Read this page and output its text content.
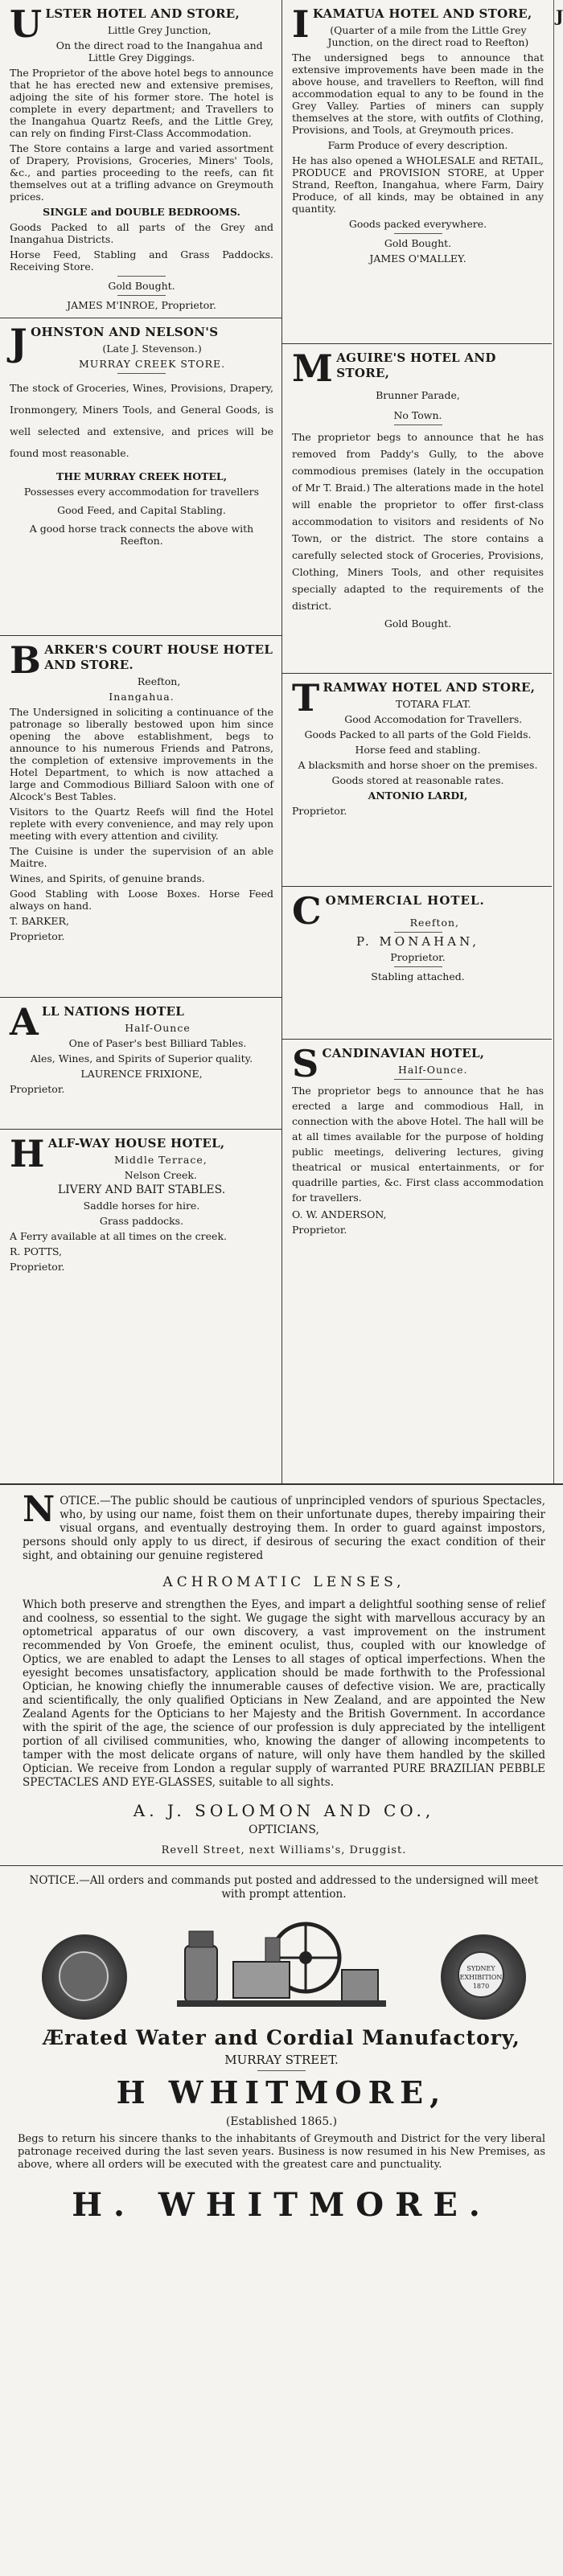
ULSTER HOTEL AND STORE,

Little Grey Junction,

On the direct road to the Inangahua and Little Grey Diggings.

The Proprietor of the above hotel begs to announce that he has erected new and extensive premises, adjoing the site of his former store. The hotel is complete in every department; and Travellers to the Inangahua Quartz Reefs, and the Little Grey, can rely on finding First-Class Accommodation.

The Store contains a large and varied assortment of Drapery, Provisions, Groceries, Miners' Tools, &c., and parties proceeding to the reefs, can fit themselves out at a trifling advance on Greymouth prices.

SINGLE and DOUBLE BEDROOMS.

Goods Packed to all parts of the Grey and Inangahua Districts.

Horse Feed, Stabling and Grass Paddocks. Receiving Store.

Gold Bought.

JAMES M'INROE, Proprietor.

JOHNSTON AND NELSON'S

(Late J. Stevenson.)

MURRAY CREEK STORE.

The stock of Groceries, Wines, Provisions, Drapery, Ironmongery, Miners Tools, and General Goods, is well selected and extensive, and prices will be found most reasonable.

THE MURRAY CREEK HOTEL,

Possesses every accommodation for travellers

Good Feed, and Capital Stabling.

A good horse track connects the above with Reefton.

BARKER'S COURT HOUSE HOTEL AND STORE.

Reefton,

Inangahua.

The Undersigned in soliciting a continuance of the patronage so liberally bestowed upon him since opening the above establishment, begs to announce to his numerous Friends and Patrons, the completion of extensive improvements in the Hotel Department, to which is now attached a large and Commodious Billiard Saloon with one of Alcock's Best Tables.

Visitors to the Quartz Reefs will find the Hotel replete with every convenience, and may rely upon meeting with every attention and civility.

The Cuisine is under the supervision of an able Maitre.

Wines, and Spirits, of genuine brands.

Good Stabling with Loose Boxes. Horse Feed always on hand.

T. BARKER,

Proprietor.

ALL NATIONS HOTEL

Half-Ounce

One of Paser's best Billiard Tables.

Ales, Wines, and Spirits of Superior quality.

LAURENCE FRIXIONE,

Proprietor.

HALF-WAY HOUSE HOTEL,

Middle Terrace,

Nelson Creek.

LIVERY AND BAIT STABLES.

Saddle horses for hire.

Grass paddocks.

A Ferry available at all times on the creek.

R. POTTS,

Proprietor.

IKAMATUA HOTEL AND STORE,

(Quarter of a mile from the Little Grey Junction, on the direct road to Reefton)

The undersigned begs to announce that extensive improvements have been made in the above house, and travellers to Reefton, will find accommodation equal to any to be found in the Grey Valley. Parties of miners can supply themselves at the store, with outfits of Clothing, Provisions, and Tools, at Greymouth prices.

Farm Produce of every description.

He has also opened a WHOLESALE and RETAIL, PRODUCE and PROVISION STORE, at Upper Strand, Reefton, Inangahua, where Farm, Dairy Produce, of all kinds, may be obtained in any quantity.

Goods packed everywhere.

Gold Bought.

JAMES O'MALLEY.

MAGUIRE'S HOTEL AND STORE,

Brunner Parade,

No Town.

The proprietor begs to announce that he has removed from Paddy's Gully, to the above commodious premises (lately in the occupation of Mr T. Braid.) The alterations made in the hotel will enable the proprietor to offer first-class accommodation to visitors and residents of No Town, or the district. The store contains a carefully selected stock of Groceries, Provisions, Clothing, Miners Tools, and other requisites specially adapted to the requirements of the district.

Gold Bought.

TRAMWAY HOTEL AND STORE,

TOTARA FLAT.

Good Accomodation for Travellers.

Goods Packed to all parts of the Gold Fields.

Horse feed and stabling.

A blacksmith and horse shoer on the premises.

Goods stored at reasonable rates.

ANTONIO LARDI,

Proprietor.

COMMERCIAL HOTEL.

Reefton,

P. MONAHAN,

Proprietor.

Stabling attached.

SCANDINAVIAN HOTEL,

Half-Ounce.

The proprietor begs to announce that he has erected a large and commodious Hall, in connection with the above Hotel. The hall will be at all times available for the purpose of holding public meetings, delivering lectures, giving theatrical or musical entertainments, or for quadrille parties, &c. First class accommodation for travellers.

O. W. ANDERSON,

Proprietor.

J

NOTICE.—The public should be cautious of unprincipled vendors of spurious Spectacles, who, by using our name, foist them on their unfortunate dupes, thereby impairing their visual organs, and eventually destroying them. In order to guard against impostors, persons should only apply to us direct, if desirous of securing the exact condition of their sight, and obtaining our genuine registered

ACHROMATIC LENSES,

Which both preserve and strengthen the Eyes, and impart a delightful soothing sense of relief and coolness, so essential to the sight. We gugage the sight with marvellous accuracy by an optometrical apparatus of our own discovery, a vast improvement on the instrument recommended by Von Groefe, the eminent oculist, thus, coupled with our knowledge of Optics, we are enabled to adapt the Lenses to all stages of optical imperfections. When the eyesight becomes unsatisfactory, application should be made forthwith to the Professional Optician, he knowing chiefly the innumerable causes of defective vision. We are, practically and scientifically, the only qualified Opticians in New Zealand, and are appointed the New Zealand Agents for the Opticians to her Majesty and the British Government. In accordance with the spirit of the age, the science of our profession is duly appreciated by the intelligent portion of all civilised communities, who, knowing the danger of allowing incompetents to tamper with the most delicate organs of nature, will only have them handled by the skilled Optician. We receive from London a regular supply of warranted PURE BRAZILIAN PEBBLE SPECTACLES AND EYE-GLASSES, suitable to all sights.

A. J. SOLOMON AND CO.,

OPTICIANS,

Revell Street, next Williams's, Druggist.

NOTICE.—All orders and commands put posted and addressed to the undersigned will meet with prompt attention.

SYDNEY EXHIBITION 1870

Ærated Water and Cordial Manufactory,

MURRAY STREET.

H WHITMORE,

(Established 1865.)

Begs to return his sincere thanks to the inhabitants of Greymouth and District for the very liberal patronage received during the last seven years. Business is now resumed in his New Premises, as above, where all orders will be executed with the greatest care and punctuality.

H. WHITMORE.
